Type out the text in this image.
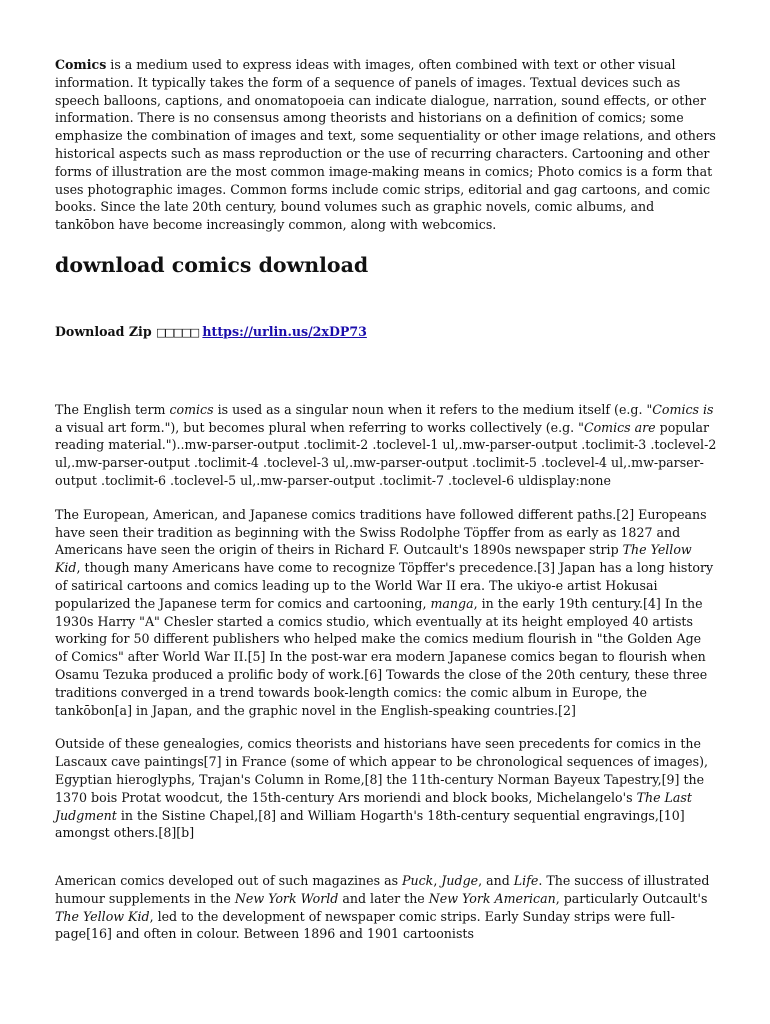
Comics is a medium used to express ideas with images, often combined with text or other visual information. It typically takes the form of a sequence of panels of images. Textual devices such as speech balloons, captions, and onomatopoeia can indicate dialogue, narration, sound effects, or other information. There is no consensus among theorists and historians on a definition of comics; some emphasize the combination of images and text, some sequentiality or other image relations, and others historical aspects such as mass reproduction or the use of recurring characters. Cartooning and other forms of illustration are the most common image-making means in comics; Photo comics is a form that uses photographic images. Common forms include comic strips, editorial and gag cartoons, and comic books. Since the late 20th century, bound volumes such as graphic novels, comic albums, and tankōbon have become increasingly common, along with webcomics.

download comics download
Download Zip □□□□□ https://urlin.us/2xDP73

The English term comics is used as a singular noun when it refers to the medium itself (e.g. "Comics is a visual art form."), but becomes plural when referring to works collectively (e.g. "Comics are popular reading material.")..mw-parser-output .toclimit-2 .toclevel-1 ul,.mw-parser-output .toclimit-3 .toclevel-2 ul,.mw-parser-output .toclimit-4 .toclevel-3 ul,.mw-parser-output .toclimit-5 .toclevel-4 ul,.mw-parser-output .toclimit-6 .toclevel-5 ul,.mw-parser-output .toclimit-7 .toclevel-6 uldisplay:none

The European, American, and Japanese comics traditions have followed different paths.[2] Europeans have seen their tradition as beginning with the Swiss Rodolphe Töpffer from as early as 1827 and Americans have seen the origin of theirs in Richard F. Outcault's 1890s newspaper strip The Yellow Kid, though many Americans have come to recognize Töpffer's precedence.[3] Japan has a long history of satirical cartoons and comics leading up to the World War II era. The ukiyo-e artist Hokusai popularized the Japanese term for comics and cartooning, manga, in the early 19th century.[4] In the 1930s Harry "A" Chesler started a comics studio, which eventually at its height employed 40 artists working for 50 different publishers who helped make the comics medium flourish in "the Golden Age of Comics" after World War II.[5] In the post-war era modern Japanese comics began to flourish when Osamu Tezuka produced a prolific body of work.[6] Towards the close of the 20th century, these three traditions converged in a trend towards book-length comics: the comic album in Europe, the tankōbon[a] in Japan, and the graphic novel in the English-speaking countries.[2]

Outside of these genealogies, comics theorists and historians have seen precedents for comics in the Lascaux cave paintings[7] in France (some of which appear to be chronological sequences of images), Egyptian hieroglyphs, Trajan's Column in Rome,[8] the 11th-century Norman Bayeux Tapestry,[9] the 1370 bois Protat woodcut, the 15th-century Ars moriendi and block books, Michelangelo's The Last Judgment in the Sistine Chapel,[8] and William Hogarth's 18th-century sequential engravings,[10] amongst others.[8][b]

American comics developed out of such magazines as Puck, Judge, and Life. The success of illustrated humour supplements in the New York World and later the New York American, particularly Outcault's The Yellow Kid, led to the development of newspaper comic strips. Early Sunday strips were full-page[16] and often in colour. Between 1896 and 1901 cartoonists
